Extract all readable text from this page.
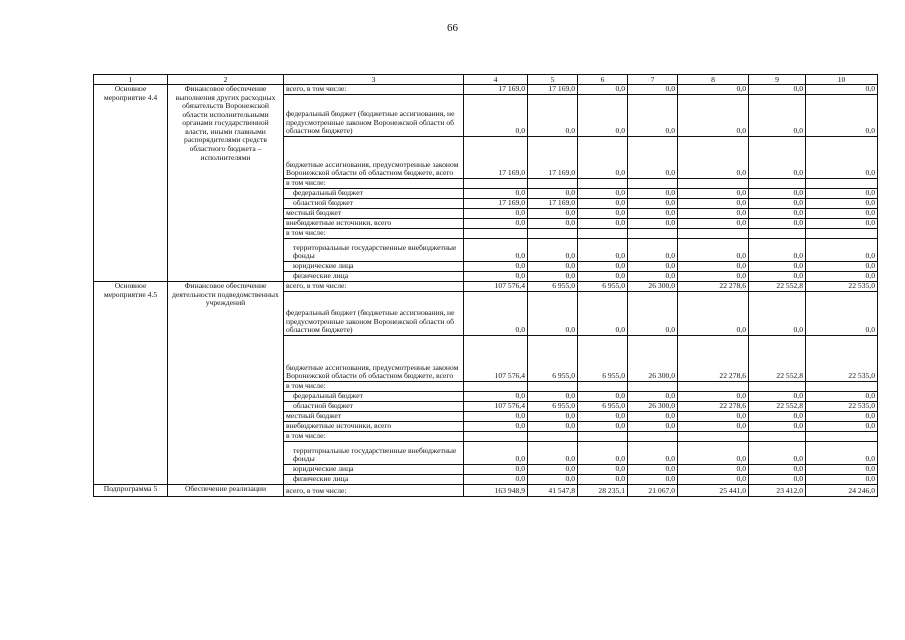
66
1	2	3	4	5	6	7	8	9	10
Основное мероприятие 4.4	Финансовое обеспечение выполнения других расходных обязательств Воронежской области исполнительными органами государственной власти, иными главными распорядителями средств областного бюджета – исполнителями	всего, в том числе:	17 169,0	17 169,0	0,0	0,0	0,0	0,0	0,0
		федеральный бюджет (бюджетные ассигнования, не предусмотренные законом Воронежской области об областном бюджете)	0,0	0,0	0,0	0,0	0,0	0,0	0,0
		бюджетные ассигнования, предусмотренные законом Воронежской области об областном бюджете, всего	17 169,0	17 169,0	0,0	0,0	0,0	0,0	0,0
		в том числе:							
		федеральный бюджет	0,0	0,0	0,0	0,0	0,0	0,0	0,0
		областной бюджет	17 169,0	17 169,0	0,0	0,0	0,0	0,0	0,0
		местный бюджет	0,0	0,0	0,0	0,0	0,0	0,0	0,0
		внебюджетные источники, всего	0,0	0,0	0,0	0,0	0,0	0,0	0,0
		в том числе:							
		территориальные государственные внебюджетные фонды	0,0	0,0	0,0	0,0	0,0	0,0	0,0
		юридические лица	0,0	0,0	0,0	0,0	0,0	0,0	0,0
		физические лица	0,0	0,0	0,0	0,0	0,0	0,0	0,0
Основное мероприятие 4.5	Финансовое обеспечение деятельности подведомственных учреждений	всего, в том числе:	107 576,4	6 955,0	6 955,0	26 300,0	22 278,6	22 552,8	22 535,0
		федеральный бюджет (бюджетные ассигнования, не предусмотренные законом Воронежской области об областном бюджете)	0,0	0,0	0,0	0,0	0,0	0,0	0,0
		бюджетные ассигнования, предусмотренные законом Воронежской области об областном бюджете, всего	107 576,4	6 955,0	6 955,0	26 300,0	22 278,6	22 552,8	22 535,0
		в том числе:							
		федеральный бюджет	0,0	0,0	0,0	0,0	0,0	0,0	0,0
		областной бюджет	107 576,4	6 955,0	6 955,0	26 300,0	22 278,6	22 552,8	22 535,0
		местный бюджет	0,0	0,0	0,0	0,0	0,0	0,0	0,0
		внебюджетные источники, всего	0,0	0,0	0,0	0,0	0,0	0,0	0,0
		в том числе:							
		территориальные государственные внебюджетные фонды	0,0	0,0	0,0	0,0	0,0	0,0	0,0
		юридические лица	0,0	0,0	0,0	0,0	0,0	0,0	0,0
		физические лица	0,0	0,0	0,0	0,0	0,0	0,0	0,0
Подпрограмма 5	Обеспечение реализации	всего, в том числе:	163 948,9	41 547,8	28 235,1	21 067,0	25 441,0	23 412,0	24 246,0
